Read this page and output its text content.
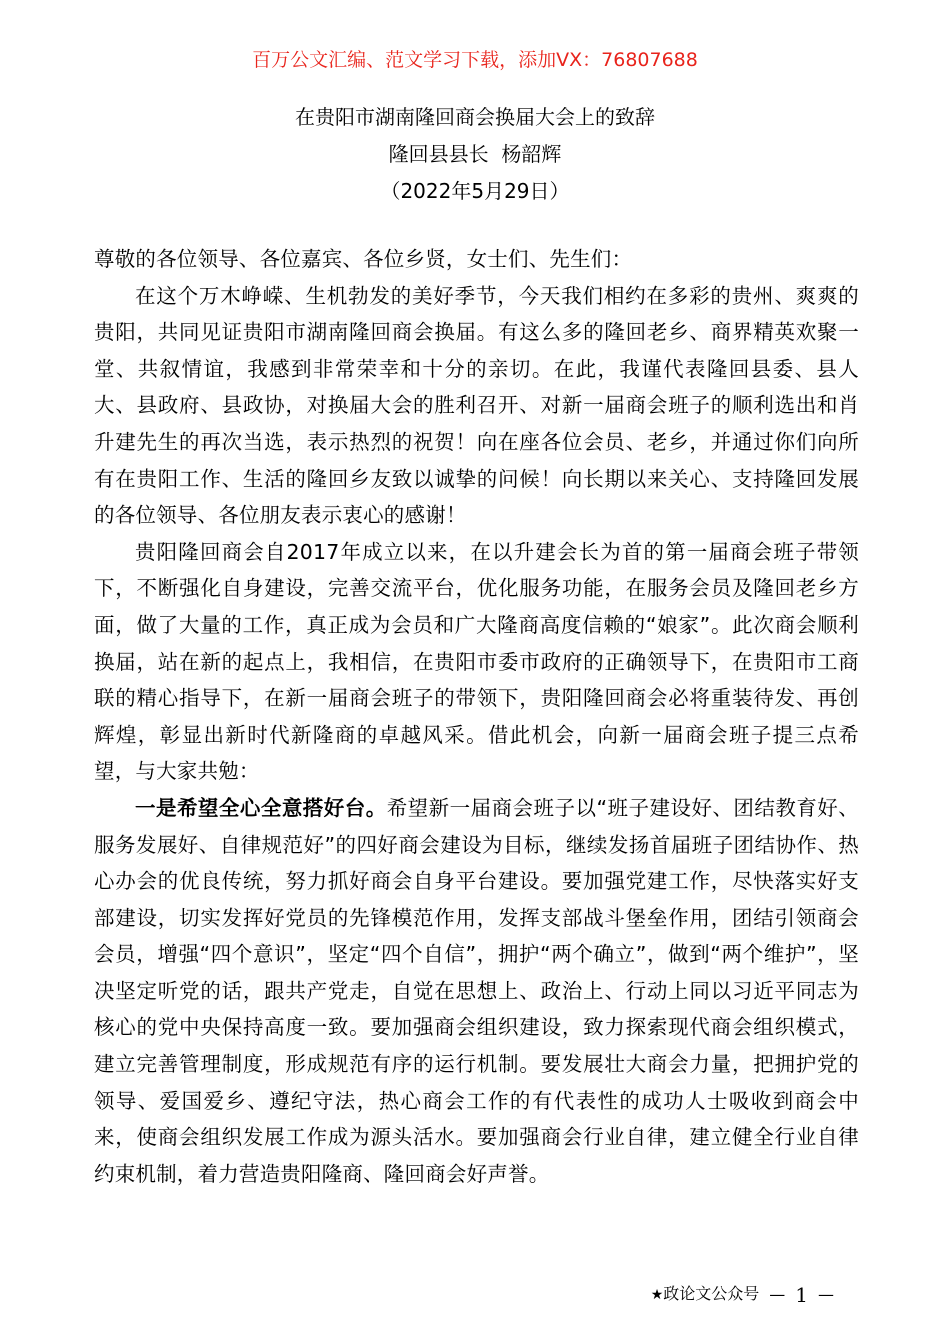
百万公文汇编、范文学习下载，添加VX：76807688
在贵阳市湖南隆回商会换届大会上的致辞
隆回县县长  杨韶辉
（2022年5月29日）

尊敬的各位领导、各位嘉宾、各位乡贤，女士们、先生们：

在这个万木峥嵘、生机勃发的美好季节，今天我们相约在多彩的贵州、爽爽的贵阳，共同见证贵阳市湖南隆回商会换届。有这么多的隆回老乡、商界精英欢聚一堂、共叙情谊，我感到非常荣幸和十分的亲切。在此，我谨代表隆回县委、县人大、县政府、县政协，对换届大会的胜利召开、对新一届商会班子的顺利选出和肖升建先生的再次当选，表示热烈的祝贺！向在座各位会员、老乡，并通过你们向所有在贵阳工作、生活的隆回乡友致以诚挚的问候！向长期以来关心、支持隆回发展的各位领导、各位朋友表示衷心的感谢！

贵阳隆回商会自2017年成立以来，在以升建会长为首的第一届商会班子带领下，不断强化自身建设，完善交流平台，优化服务功能，在服务会员及隆回老乡方面，做了大量的工作，真正成为会员和广大隆商高度信赖的“娘家”。此次商会顺利换届，站在新的起点上，我相信，在贵阳市委市政府的正确领导下，在贵阳市工商联的精心指导下，在新一届商会班子的带领下，贵阳隆回商会必将重装待发、再创辉煌，彰显出新时代新隆商的卓越风采。借此机会，向新一届商会班子提三点希望，与大家共勉：

一是希望全心全意搭好台。希望新一届商会班子以“班子建设好、团结教育好、服务发展好、自律规范好”的四好商会建设为目标，继续发扬首届班子团结协作、热心办会的优良传统，努力抓好商会自身平台建设。要加强党建工作，尽快落实好支部建设，切实发挥好党员的先锋模范作用，发挥支部战斗堡垒作用，团结引领商会会员，增强“四个意识”，坚定“四个自信”，拥护“两个确立”，做到“两个维护”，坚决坚定听党的话，跟共产党走，自觉在思想上、政治上、行动上同以习近平同志为核心的党中央保持高度一致。要加强商会组织建设，致力探索现代商会组织模式，建立完善管理制度，形成规范有序的运行机制。要发展壮大商会力量，把拥护党的领导、爱国爱乡、遵纪守法，热心商会工作的有代表性的成功人士吸收到商会中来，使商会组织发展工作成为源头活水。要加强商会行业自律，建立健全行业自律约束机制，着力营造贵阳隆商、隆回商会好声誉。

★政论文公众号 — 1 —
